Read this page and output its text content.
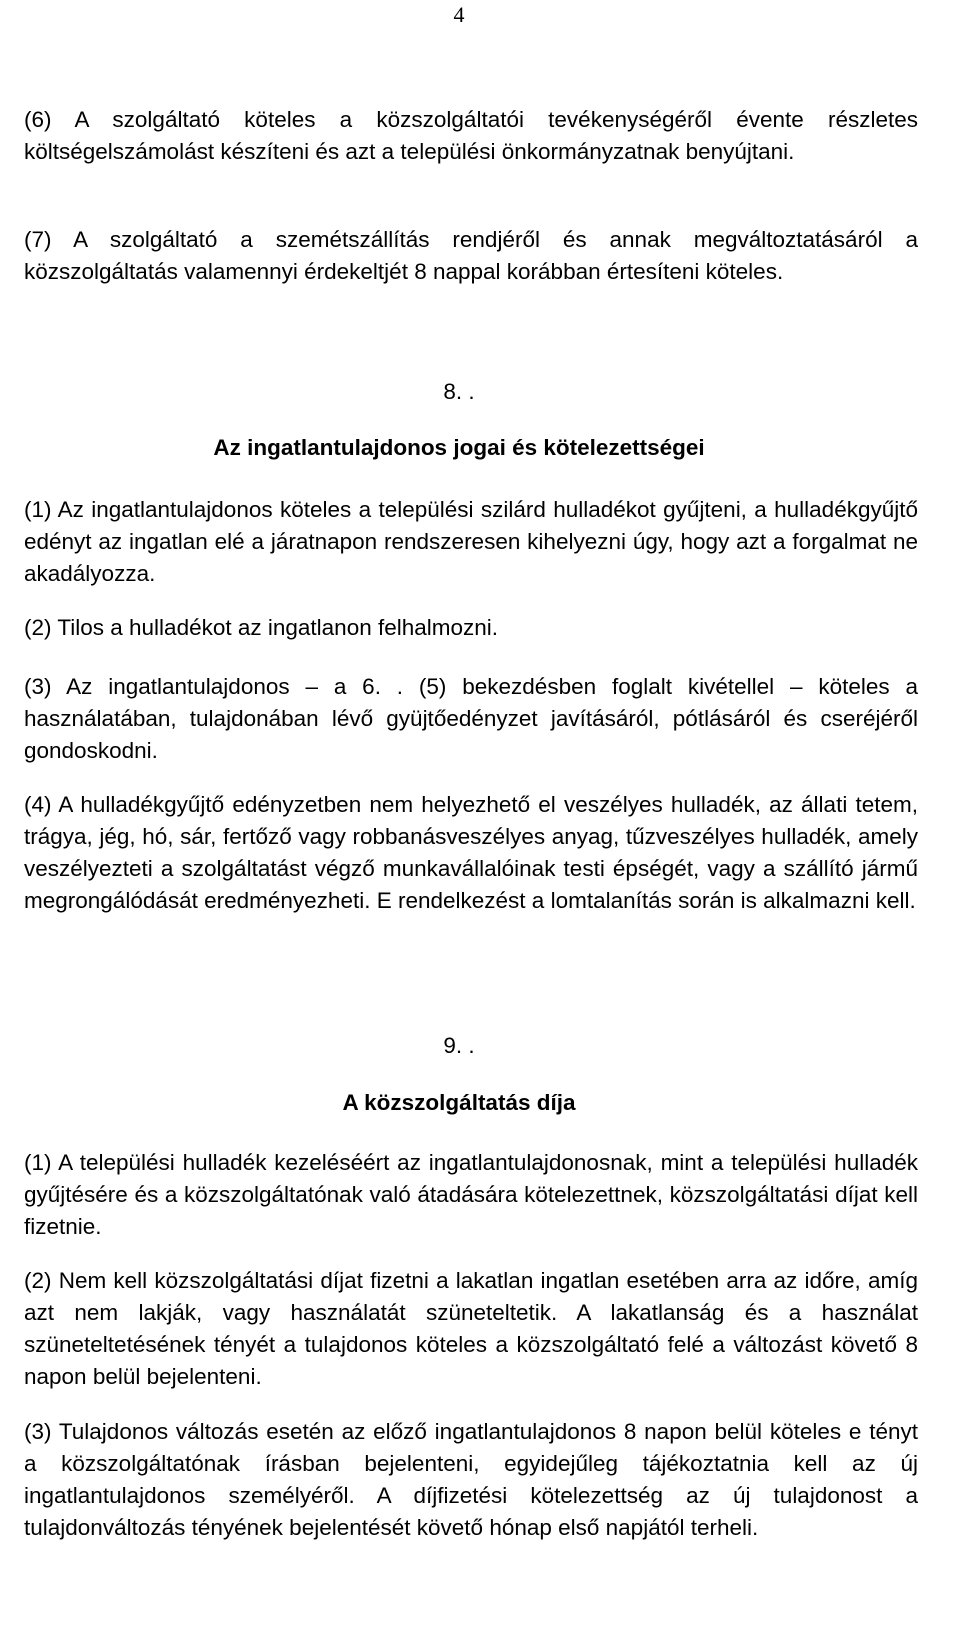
4
(6) A szolgáltató köteles a közszolgáltatói tevékenységéről évente részletes költségelszámolást készíteni és azt a települési önkormányzatnak benyújtani.
(7) A szolgáltató a szemétszállítás rendjéről és annak megváltoztatásáról a közszolgáltatás valamennyi érdekeltjét 8 nappal korábban értesíteni köteles.
8. .
Az ingatlantulajdonos jogai és kötelezettségei
(1) Az ingatlantulajdonos köteles a települési szilárd hulladékot gyűjteni, a hulladékgyűjtő edényt az ingatlan elé a járatnapon rendszeresen kihelyezni úgy, hogy azt a forgalmat ne akadályozza.
(2) Tilos a hulladékot az ingatlanon felhalmozni.
(3) Az ingatlantulajdonos – a 6. . (5) bekezdésben foglalt kivétellel – köteles a használatában, tulajdonában lévő gyüjtőedényzet javításáról, pótlásáról és cseréjéről gondoskodni.
(4) A hulladékgyűjtő edényzetben nem helyezhető el veszélyes hulladék, az állati tetem, trágya, jég, hó, sár, fertőző vagy robbanásveszélyes anyag, tűzveszélyes hulladék, amely veszélyezteti a szolgáltatást végző munkavállalóinak testi épségét, vagy a szállító jármű megrongálódását eredményezheti. E rendelkezést a lomtalanítás során is alkalmazni kell.
9. .
A közszolgáltatás díja
(1) A települési hulladék kezeléséért az ingatlantulajdonosnak, mint a települési hulladék gyűjtésére és a közszolgáltatónak való átadására kötelezettnek, közszolgáltatási díjat kell fizetnie.
(2) Nem kell közszolgáltatási díjat fizetni a lakatlan ingatlan esetében arra az időre, amíg azt nem lakják, vagy használatát szüneteltetik. A lakatlanság és a használat szüneteltetésének tényét a tulajdonos köteles a közszolgáltató felé a változást követő 8 napon belül bejelenteni.
(3) Tulajdonos változás esetén az előző ingatlantulajdonos 8 napon belül köteles e tényt a közszolgáltatónak írásban bejelenteni, egyidejűleg tájékoztatnia kell az új ingatlantulajdonos személyéről. A díjfizetési kötelezettség az új tulajdonost a tulajdonváltozás tényének bejelentését követő hónap első napjától terheli.
